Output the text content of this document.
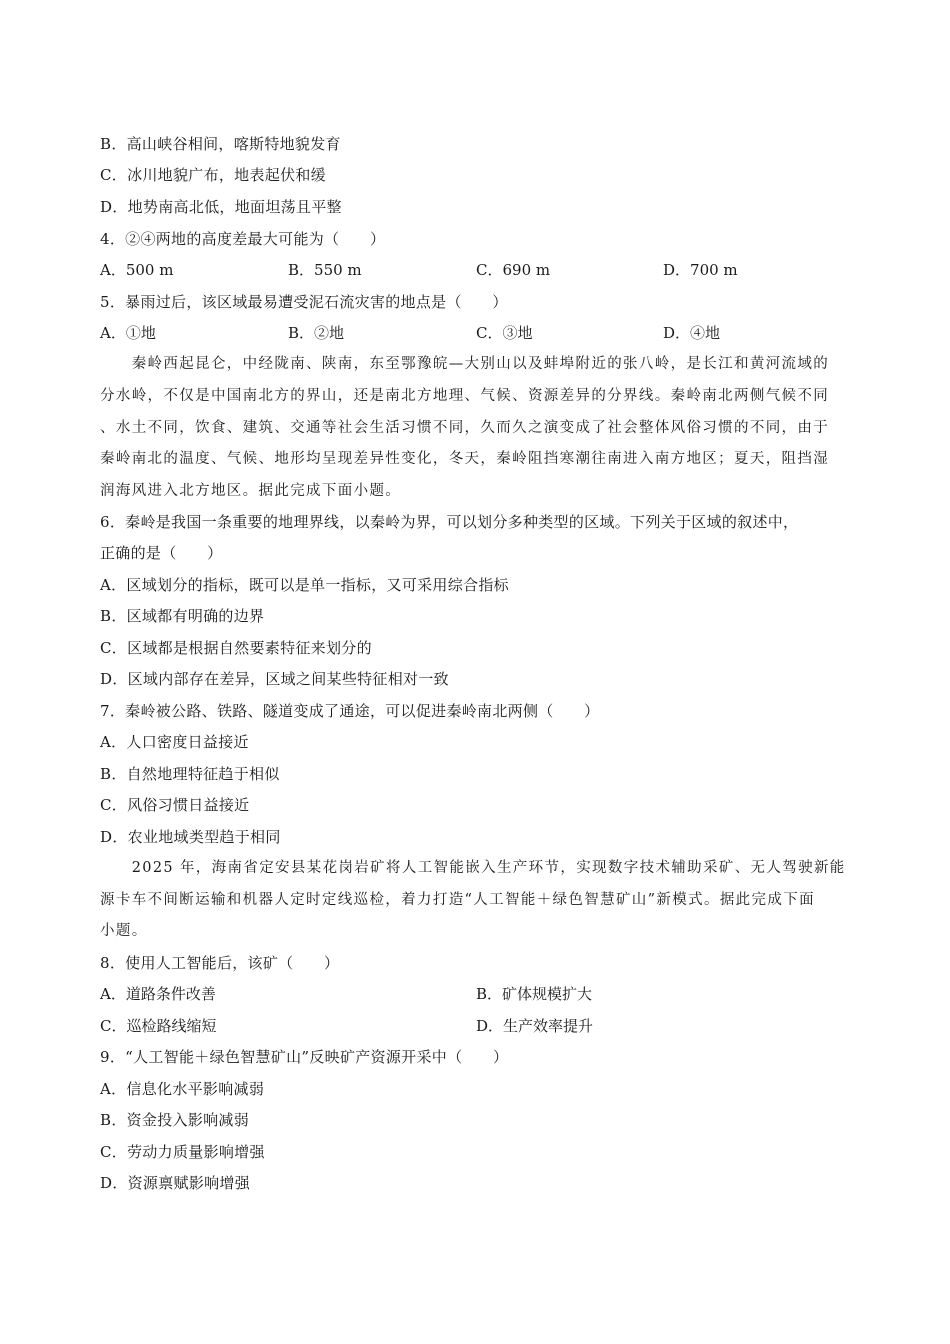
B．高山峡谷相间，喀斯特地貌发育
C．冰川地貌广布，地表起伏和缓
D．地势南高北低，地面坦荡且平整
4．②④两地的高度差最大可能为（　　）
A．500 m	B．550 m	C．690 m	D．700 m
5．暴雨过后，该区域最易遭受泥石流灾害的地点是（　　）
A．①地	B．②地	C．③地	D．④地
　　秦岭西起昆仑，中经陇南、陕南，东至鄂豫皖—大别山以及蚌埠附近的张八岭，是长江和黄河流域的
分水岭，不仅是中国南北方的界山，还是南北方地理、气候、资源差异的分界线。秦岭南北两侧气候不同
、水土不同，饮食、建筑、交通等社会生活习惯不同，久而久之演变成了社会整体风俗习惯的不同，由于
秦岭南北的温度、气候、地形均呈现差异性变化，冬天，秦岭阻挡寒潮往南进入南方地区；夏天，阻挡湿
润海风进入北方地区。据此完成下面小题。
6．秦岭是我国一条重要的地理界线，以秦岭为界，可以划分多种类型的区域。下列关于区域的叙述中，
正确的是（　　）
A．区域划分的指标，既可以是单一指标，又可采用综合指标
B．区域都有明确的边界
C．区域都是根据自然要素特征来划分的
D．区域内部存在差异，区域之间某些特征相对一致
7．秦岭被公路、铁路、隧道变成了通途，可以促进秦岭南北两侧（　　）
A．人口密度日益接近
B．自然地理特征趋于相似
C．风俗习惯日益接近
D．农业地域类型趋于相同
　　2025 年，海南省定安县某花岗岩矿将人工智能嵌入生产环节，实现数字技术辅助采矿、无人驾驶新能
源卡车不间断运输和机器人定时定线巡检，着力打造“人工智能＋绿色智慧矿山”新模式。据此完成下面
小题。
8．使用人工智能后，该矿（　　）
A．道路条件改善	B．矿体规模扩大
C．巡检路线缩短	D．生产效率提升
9．“人工智能＋绿色智慧矿山”反映矿产资源开采中（　　）
A．信息化水平影响减弱
B．资金投入影响减弱
C．劳动力质量影响增强
D．资源禀赋影响增强
